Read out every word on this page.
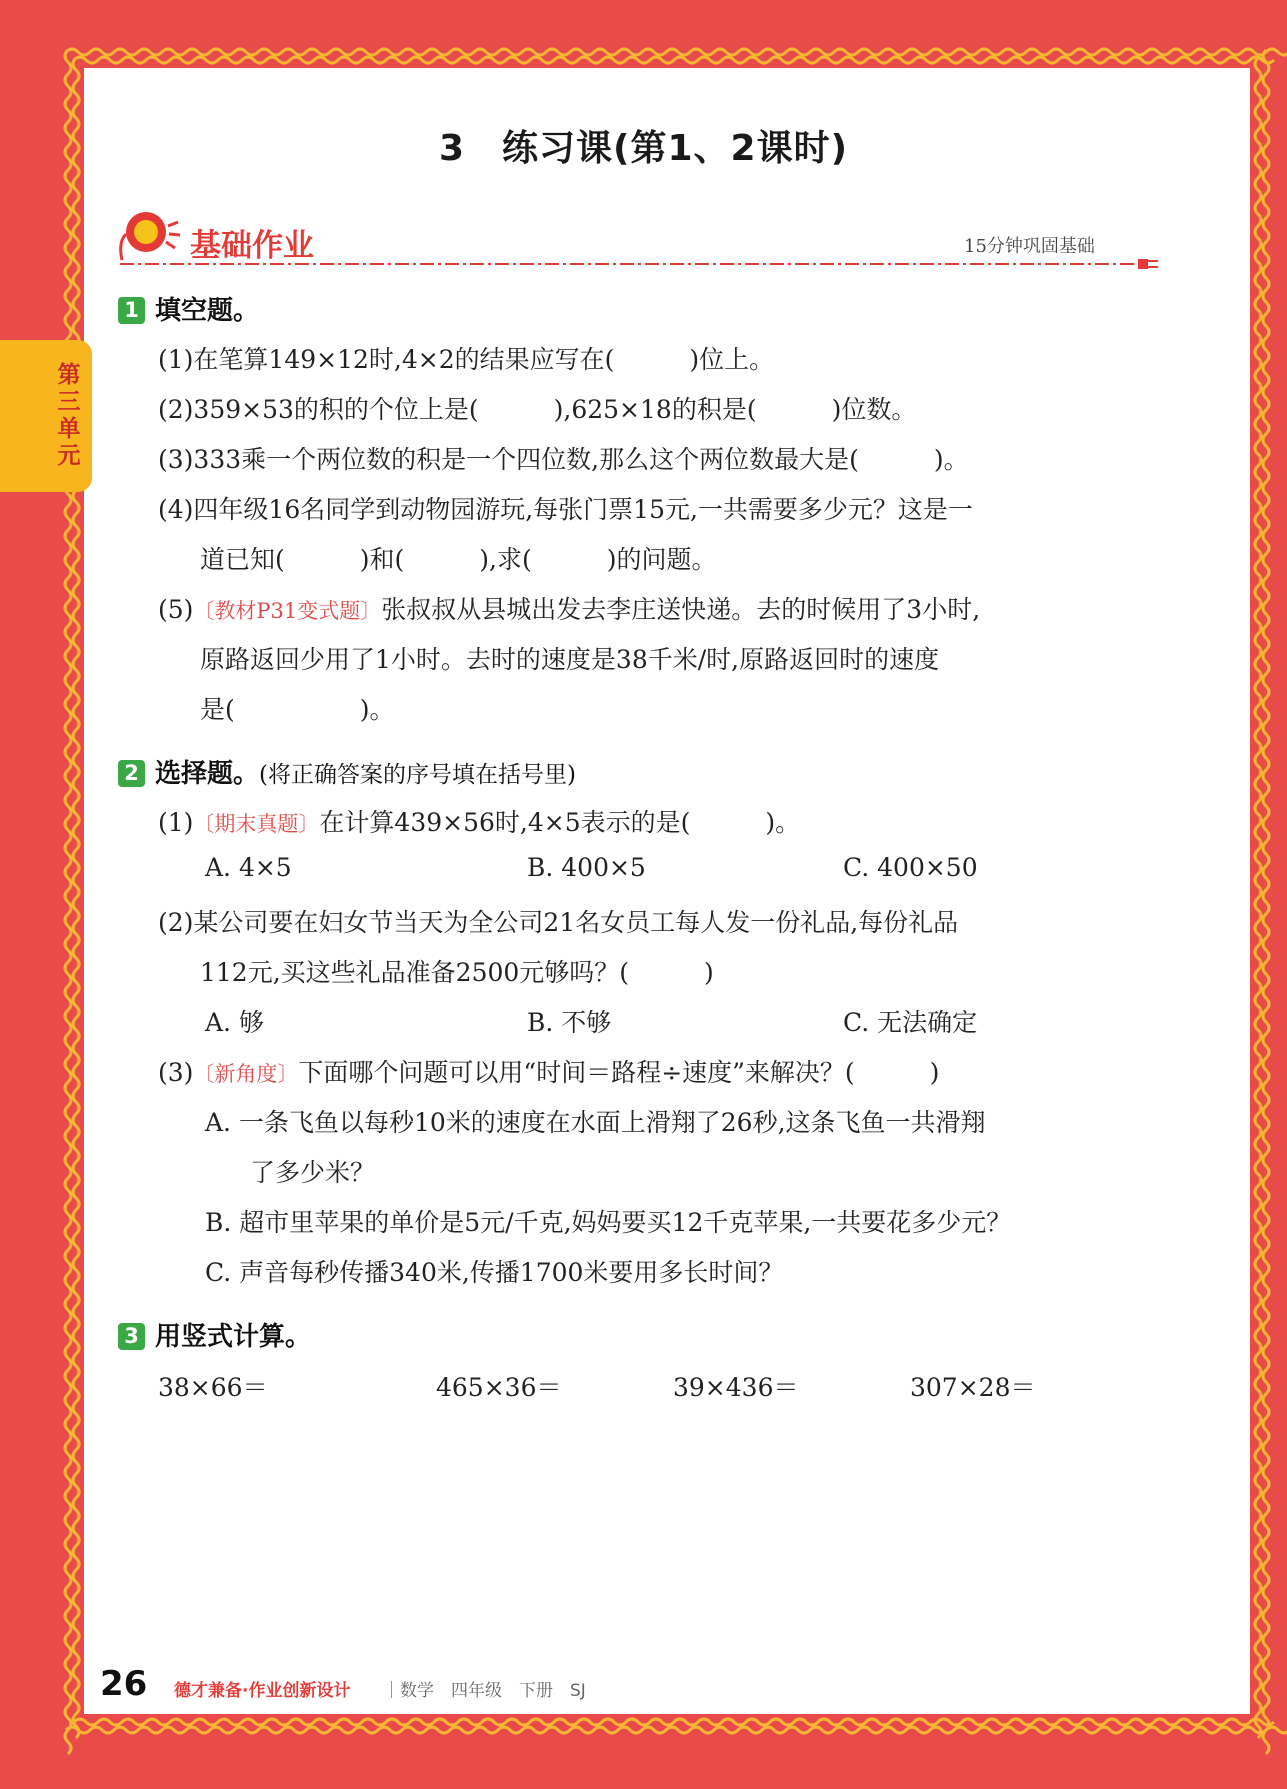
第三单元
3　练习课(第1、2课时)
基础作业	15分钟巩固基础
1 填空题。
(1)在笔算149×12时,4×2的结果应写在(　　　)位上。
(2)359×53的积的个位上是(　　　),625×18的积是(　　　)位数。
(3)333乘一个两位数的积是一个四位数,那么这个两位数最大是(　　　)。
(4)四年级16名同学到动物园游玩,每张门票15元,一共需要多少元？这是一
道已知(　　　)和(　　　),求(　　　)的问题。
(5)〔教材P31变式题〕张叔叔从县城出发去李庄送快递。去的时候用了3小时,
原路返回少用了1小时。去时的速度是38千米/时,原路返回时的速度
是(　　　　　)。
2 选择题。(将正确答案的序号填在括号里)
(1)〔期末真题〕在计算439×56时,4×5表示的是(　　　)。
A. 4×5	B. 400×5	C. 400×50
(2)某公司要在妇女节当天为全公司21名女员工每人发一份礼品,每份礼品
112元,买这些礼品准备2500元够吗？(　　　)
A. 够	B. 不够	C. 无法确定
(3)〔新角度〕下面哪个问题可以用“时间＝路程÷速度”来解决？(　　　)
A. 一条飞鱼以每秒10米的速度在水面上滑翔了26秒,这条飞鱼一共滑翔
了多少米？
B. 超市里苹果的单价是5元/千克,妈妈要买12千克苹果,一共要花多少元？
C. 声音每秒传播340米,传播1700米要用多长时间？
3 用竖式计算。
38×66＝	465×36＝	39×436＝	307×28＝
26 德才兼备·作业创新设计 ｜数学　四年级　下册　SJ
